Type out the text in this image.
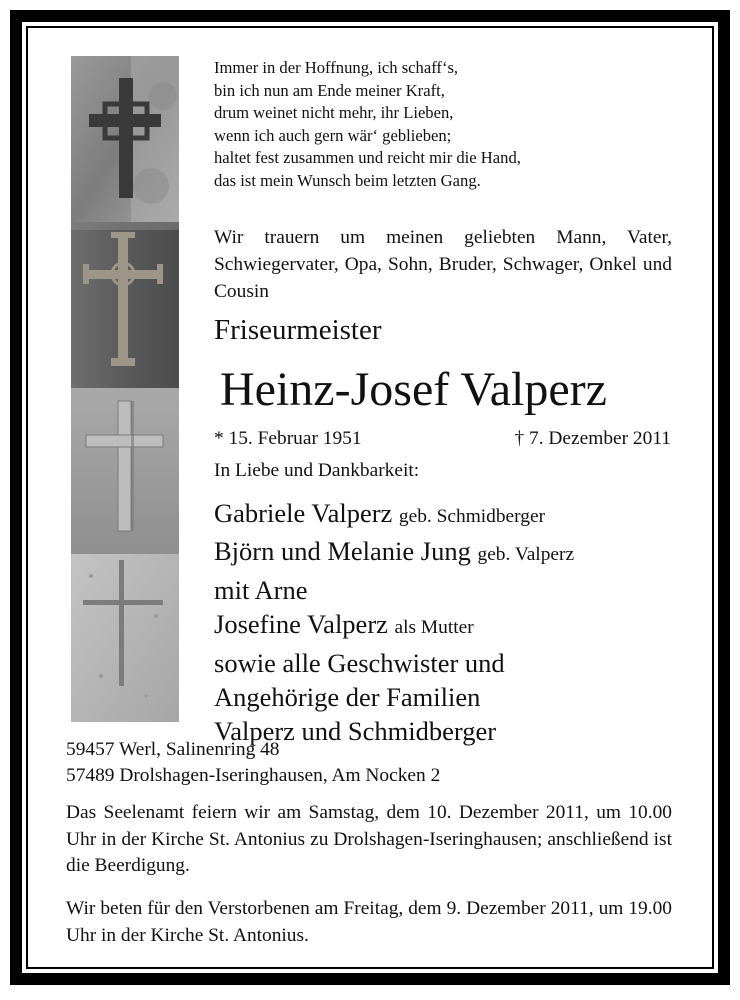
Immer in der Hoffnung, ich schaff‘s,
bin ich nun am Ende meiner Kraft,
drum weinet nicht mehr, ihr Lieben,
wenn ich auch gern wär‘ geblieben;
haltet fest zusammen und reicht mir die Hand,
das ist mein Wunsch beim letzten Gang.

Wir trauern um meinen geliebten Mann, Vater, Schwiegervater, Opa, Sohn, Bruder, Schwager, Onkel und Cousin

Friseurmeister
Heinz-Josef Valperz
* 15. Februar 1951	† 7. Dezember 2011
In Liebe und Dankbarkeit:
Gabriele Valperz geb. Schmidberger
Björn und Melanie Jung geb. Valperz
mit Arne
Josefine Valperz als Mutter
sowie alle Geschwister und
Angehörige der Familien
Valperz und Schmidberger
59457 Werl, Salinenring 48
57489 Drolshagen-Iseringhausen, Am Nocken 2

Das Seelenamt feiern wir am Samstag, dem 10. Dezember 2011, um 10.00 Uhr in der Kirche St. Antonius zu Drolshagen-Iseringhausen; anschließend ist die Beerdigung.

Wir beten für den Verstorbenen am Freitag, dem 9. Dezember 2011, um 19.00 Uhr in der Kirche St. Antonius.
